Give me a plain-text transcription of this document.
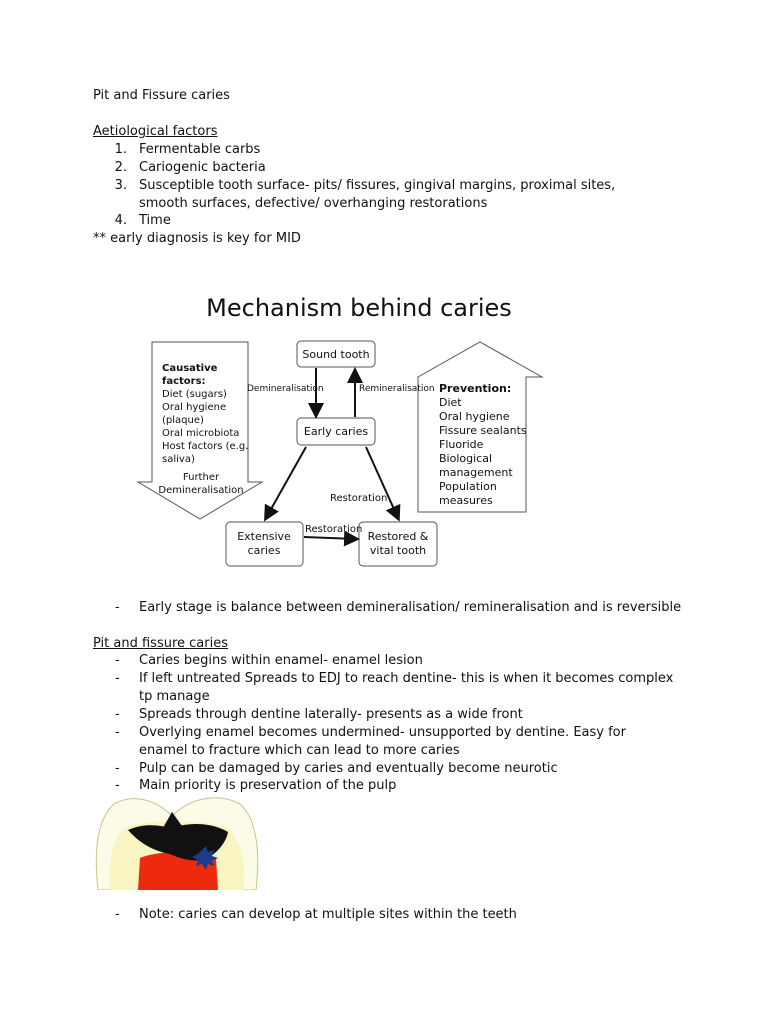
Pit and Fissure caries
Aetiological factors
1. Fermentable carbs
2. Cariogenic bacteria
3. Susceptible tooth surface- pits/ fissures, gingival margins, proximal sites, smooth surfaces, defective/ overhanging restorations
4. Time
** early diagnosis is key for MID
Mechanism behind caries
Causative
factors:
Diet (sugars)
Oral hygiene
(plaque)
Oral microbiota
Host factors (e.g.
saliva)
Further
Demineralisation
Prevention:
Diet
Oral hygiene
Fissure sealants
Fluoride
Biological
management
Population
measures
Sound tooth
Early caries
Extensive
caries
Restored &
vital tooth
Demineralisation	Remineralisation
Restoration
Restoration
- Early stage is balance between demineralisation/ remineralisation and is reversible
Pit and fissure caries
- Caries begins within enamel- enamel lesion
- If left untreated Spreads to EDJ to reach dentine- this is when it becomes complex tp manage
- Spreads through dentine laterally- presents as a wide front
- Overlying enamel becomes undermined- unsupported by dentine. Easy for enamel to fracture which can lead to more caries
- Pulp can be damaged by caries and eventually become neurotic
- Main priority is preservation of the pulp
- Note: caries can develop at multiple sites within the teeth
